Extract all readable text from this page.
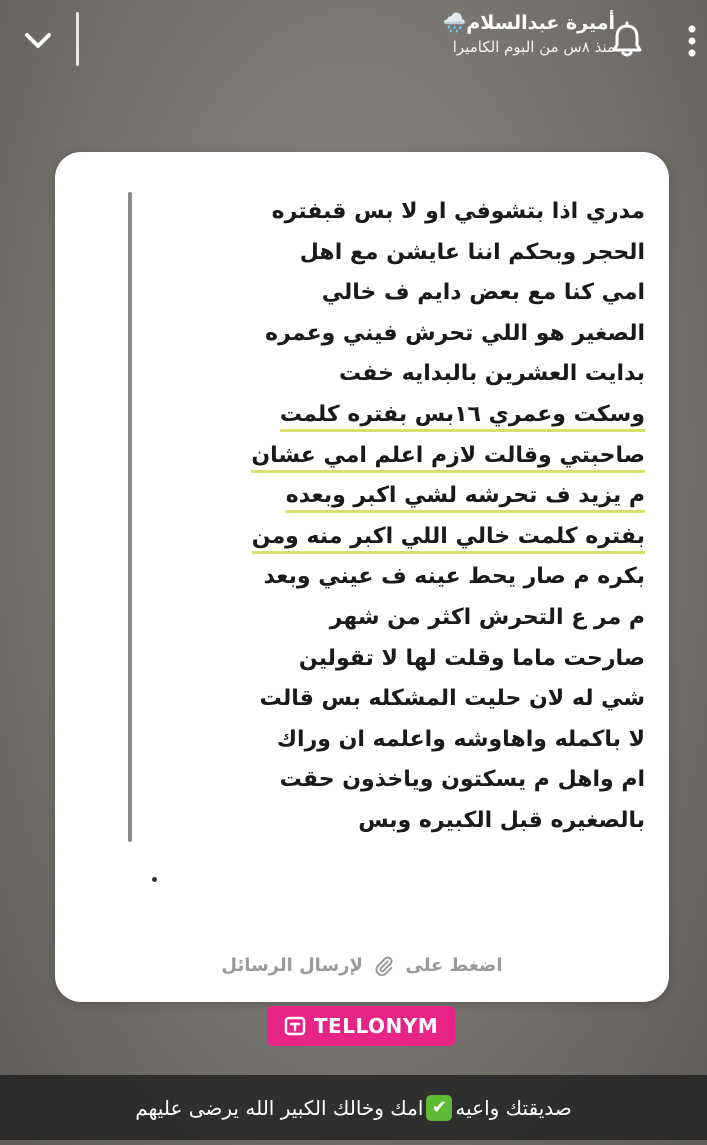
أميرة عبدالسلام🌧️
منذ ٨س من البوم الكاميرا
مدري اذا بتشوفي او لا بس قبفتره
الحجر وبحكم اننا عايشن مع اهل
امي كنا مع بعض دايم ف خالي
الصغير هو اللي تحرش فيني وعمره
بدايت العشرين بالبدايه خفت
وسكت وعمري ١٦بس بفتره كلمت
صاحبتي وقالت لازم اعلم امي عشان
م يزيد ف تحرشه لشي اكبر وبعده
بفتره كلمت خالي اللي اكبر منه ومن
بكره م صار يحط عينه ف عيني وبعد
م مر ع التحرش اكثر من شهر
صارحت ماما وقلت لها لا تقولين
شي له لان حليت المشكله بس قالت
لا باكمله واهاوشه واعلمه ان وراك
ام واهل م يسكتون وياخذون حقت
بالصغيره قبل الكبيره وبس
اضغط على  لإرسال الرسائل
TELLONYM
صديقتك واعيه
✔
امك وخالك الكبير الله يرضى عليهم
